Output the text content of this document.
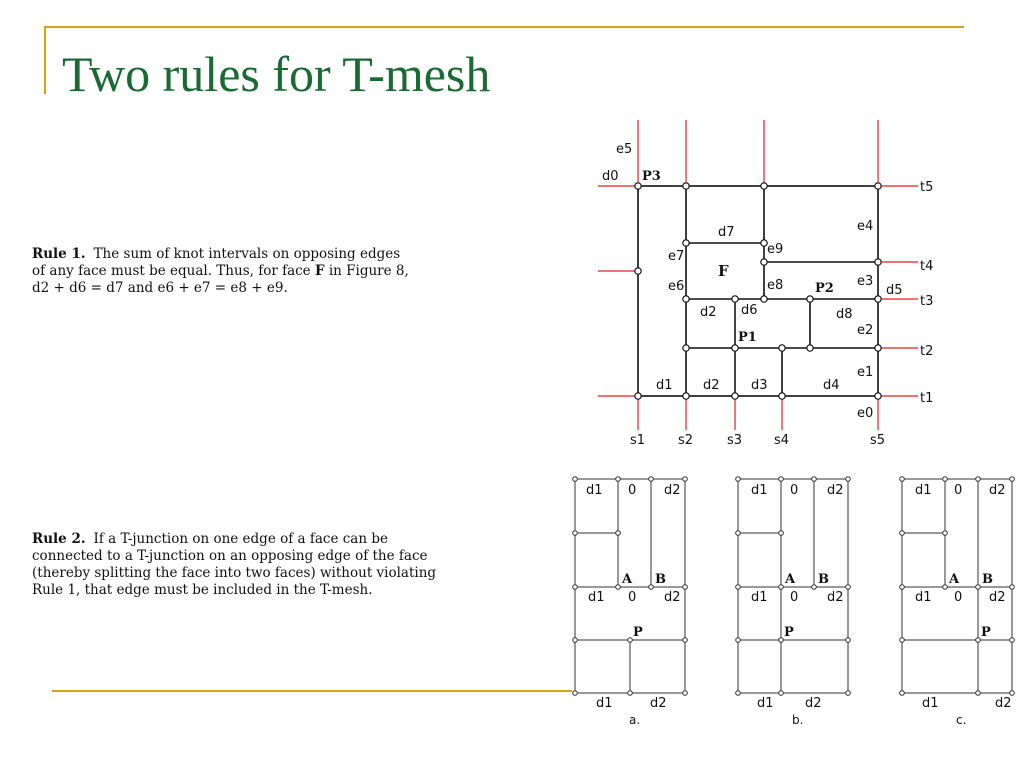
Two rules for T-mesh
Rule 1. The sum of knot intervals on opposing edges
of any face must be equal. Thus, for face F in Figure 8,
d2 + d6 = d7 and e6 + e7 = e8 + e9.
Rule 2. If a T-junction on one edge of a face can be
connected to a T-junction on an opposing edge of the face
(thereby splitting the face into two faces) without violating
Rule 1, that edge must be included in the T-mesh.
e5
d0 P3
t5
e4
d7
e9
e7
F	t4
e6	e8 P2 e3
d5
t3
d2 d6	d8
e2
P1
t2
e1
d1 d2 d3	d4
t1
e0
s1	s2	s3 s4	s5
d1 0 d2
A B
d1 0 d2
P
d1	d2
a.
d1 0 d2
A B
d1 0 d2
P
d1 d2
b.
d1 0 d2
A B
d1 0 d2
P
d1	d2
c.
